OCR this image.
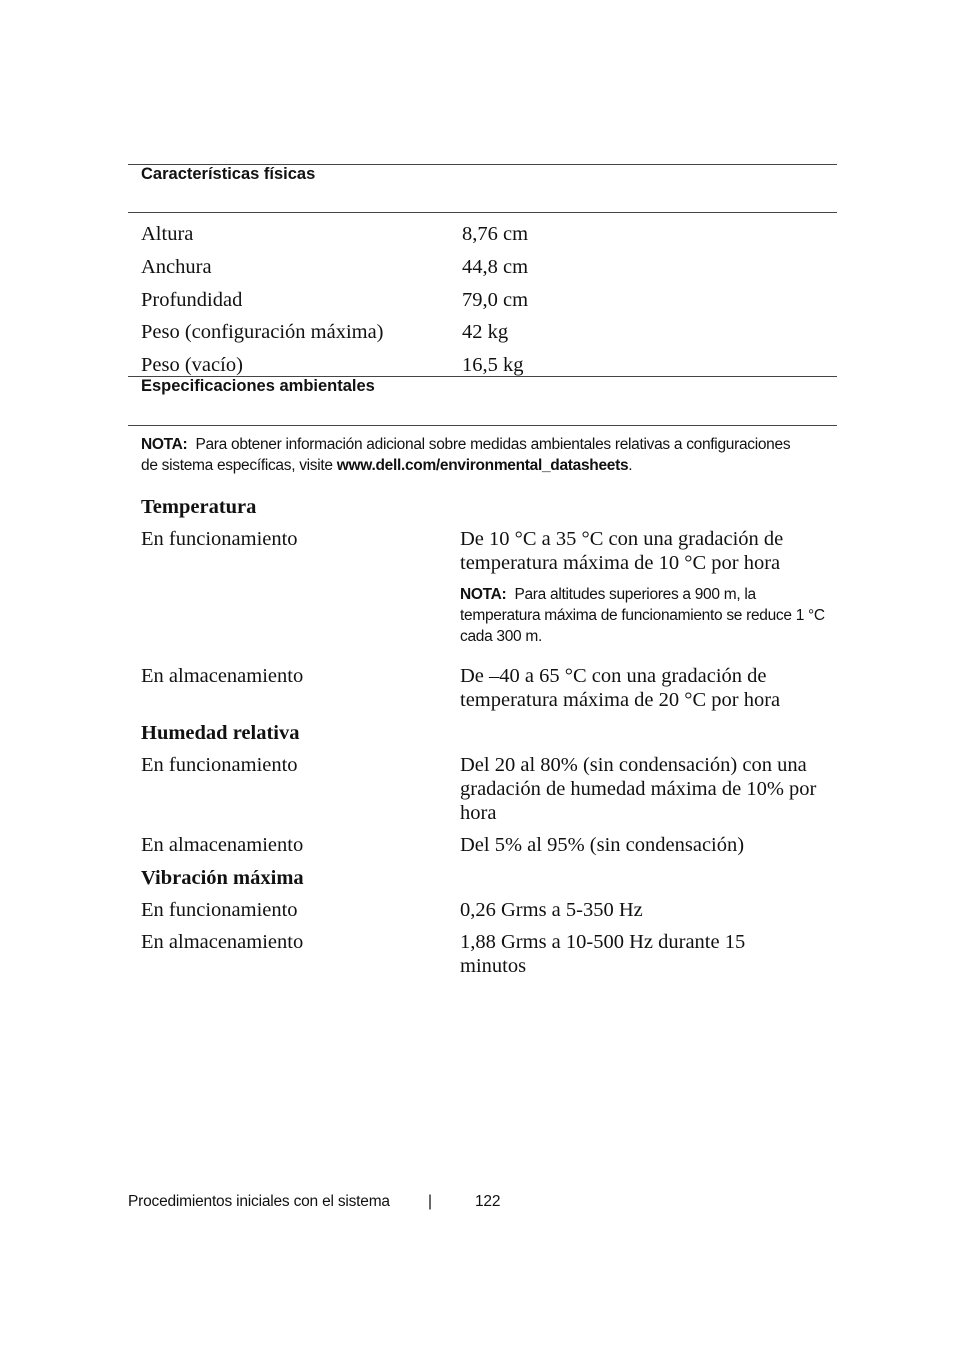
Características físicas
Altura	8,76 cm
Anchura	44,8 cm
Profundidad	79,0 cm
Peso (configuración máxima)	42 kg
Peso (vacío)	16,5 kg
Especificaciones ambientales
NOTA: Para obtener información adicional sobre medidas ambientales relativas a configuraciones de sistema específicas, visite www.dell.com/environmental_datasheets.
Temperatura
En funcionamiento	De 10 °C a 35 °C con una gradación de temperatura máxima de 10 °C por hora
NOTA: Para altitudes superiores a 900 m, la temperatura máxima de funcionamiento se reduce 1 °C cada 300 m.
En almacenamiento	De –40 a 65 °C con una gradación de temperatura máxima de 20 °C por hora
Humedad relativa
En funcionamiento	Del 20 al 80% (sin condensación) con una gradación de humedad máxima de 10% por hora
En almacenamiento	Del 5% al 95% (sin condensación)
Vibración máxima
En funcionamiento	0,26 Grms a 5-350 Hz
En almacenamiento	1,88 Grms a 10-500 Hz durante 15 minutos
Procedimientos iniciales con el sistema |	122
